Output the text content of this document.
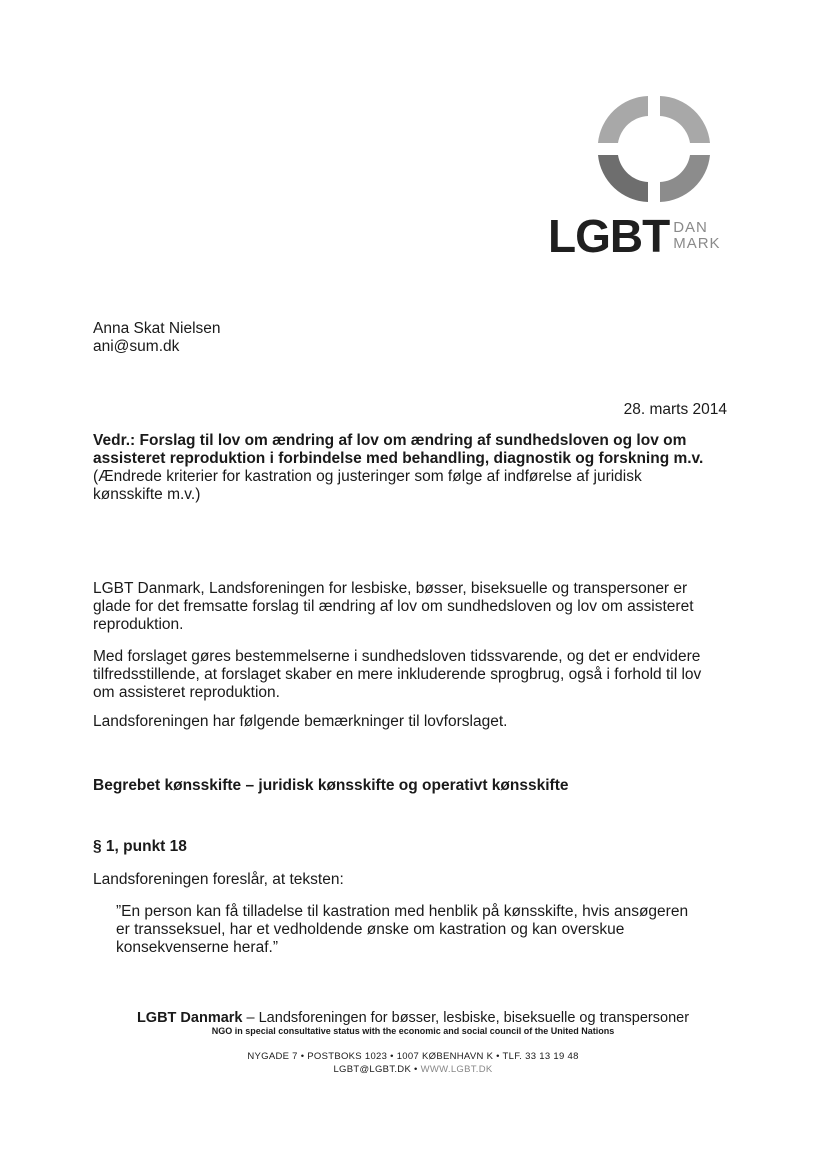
LGBT DAN
MARK
Anna Skat Nielsen
ani@sum.dk
28. marts 2014
Vedr.: Forslag til lov om ændring af lov om ændring af sundhedsloven og lov om
assisteret reproduktion i forbindelse med behandling, diagnostik og forskning m.v.
(Ændrede kriterier for kastration og justeringer som følge af indførelse af juridisk
kønsskifte m.v.)
LGBT Danmark, Landsforeningen for lesbiske, bøsser, biseksuelle og transpersoner er
glade for det fremsatte forslag til ændring af lov om sundhedsloven og lov om assisteret
reproduktion.
Med forslaget gøres bestemmelserne i sundhedsloven tidssvarende, og det er endvidere
tilfredsstillende, at forslaget skaber en mere inkluderende sprogbrug, også i forhold til lov
om assisteret reproduktion.
Landsforeningen har følgende bemærkninger til lovforslaget.
Begrebet kønsskifte – juridisk kønsskifte og operativt kønsskifte
§ 1, punkt 18
Landsforeningen foreslår, at teksten:
”En person kan få tilladelse til kastration med henblik på kønsskifte, hvis ansøgeren
er transseksuel, har et vedholdende ønske om kastration og kan overskue
konsekvenserne heraf.”
LGBT Danmark – Landsforeningen for bøsser, lesbiske, biseksuelle og transpersoner
NGO in special consultative status with the economic and social council of the United Nations
NYGADE 7 • POSTBOKS 1023 • 1007 KØBENHAVN K • TLF. 33 13 19 48
LGBT@LGBT.DK • WWW.LGBT.DK
